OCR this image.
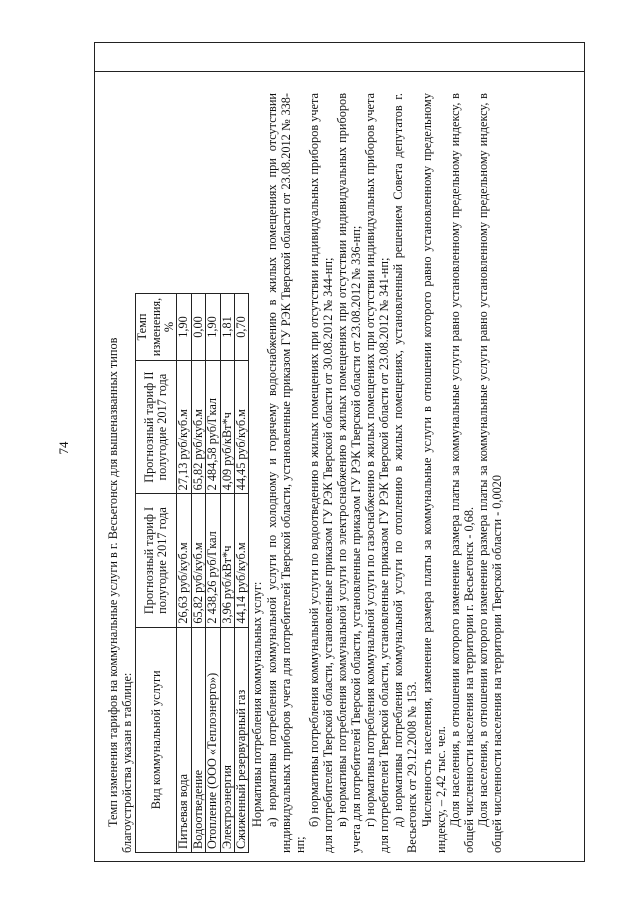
74	Темп изменения тарифов на коммунальные услуги в г. Весьегонск для вышеназванных типов благоустройства указан в таблице: Вид коммунальной услуги	Прогнозный тариф I полугодие 2017 года	Прогнозный тариф II полугодие 2017 года	Темп изменения, %
Питьевая вода	26,63 руб/куб.м	27,13 руб/куб.м	1,90
Водоотведение	65,82 руб/куб.м	65,82 руб/куб.м	0,00
Отопление (ООО «Теплоэнерго»)	2 438,26 руб/Гкал	2 484,58 руб/Гкал	1,90
Электроэнергия	3,96 руб/кВт*ч	4,09 руб/кВт*ч	1,81
Сжиженный резервуарный газ	44,14 руб/куб.м	44,45 руб/куб.м	0,70

Нормативы потребления коммунальных услуг: а) нормативы потребления коммунальной услуги по холодному и горячему водоснабжению в жилых помещениях при отсутствии индивидуальных приборов учета для потребителей Тверской области, установленные приказом ГУ РЭК Тверской области от 23.08.2012 № 338-нп;

б) нормативы потребления коммунальной услуги по водоотведению в жилых помещениях при отсутствии индивидуальных приборов учета для потребителей Тверской области, установленные приказом ГУ РЭК Тверской области от 30.08.2012 № 344-нп; в) нормативы потребления коммунальной услуги по электроснабжению в жилых помещениях при отсутствии индивидуальных приборов учета для потребителей Тверской области, установленные приказом ГУ РЭК Тверской области от 23.08.2012 № 336-нп; г) нормативы потребления коммунальной услуги по газоснабжению в жилых помещениях при отсутствии индивидуальных приборов учета для потребителей Тверской области, установленные приказом ГУ РЭК Тверской области от 23.08.2012 № 341-нп; д) нормативы потребления коммунальной услуги по отоплению в жилых помещениях, установленный решением Совета депутатов г. Весьегонск от 29.12.2008 № 153. Численность населения, изменение размера платы за коммунальные услуги в отношении которого равно установленному предельному индексу, – 2,42 тыс. чел. Доля населения, в отношении которого изменение размера платы за коммунальные услуги равно установленному предельному индексу, в общей численности населения на территории г. Весьегонск - 0,68. Доля населения, в отношении которого изменение размера платы за коммунальные услуги равно установленному предельному индексу, в общей численности населения на территории Тверской области - 0,0020
